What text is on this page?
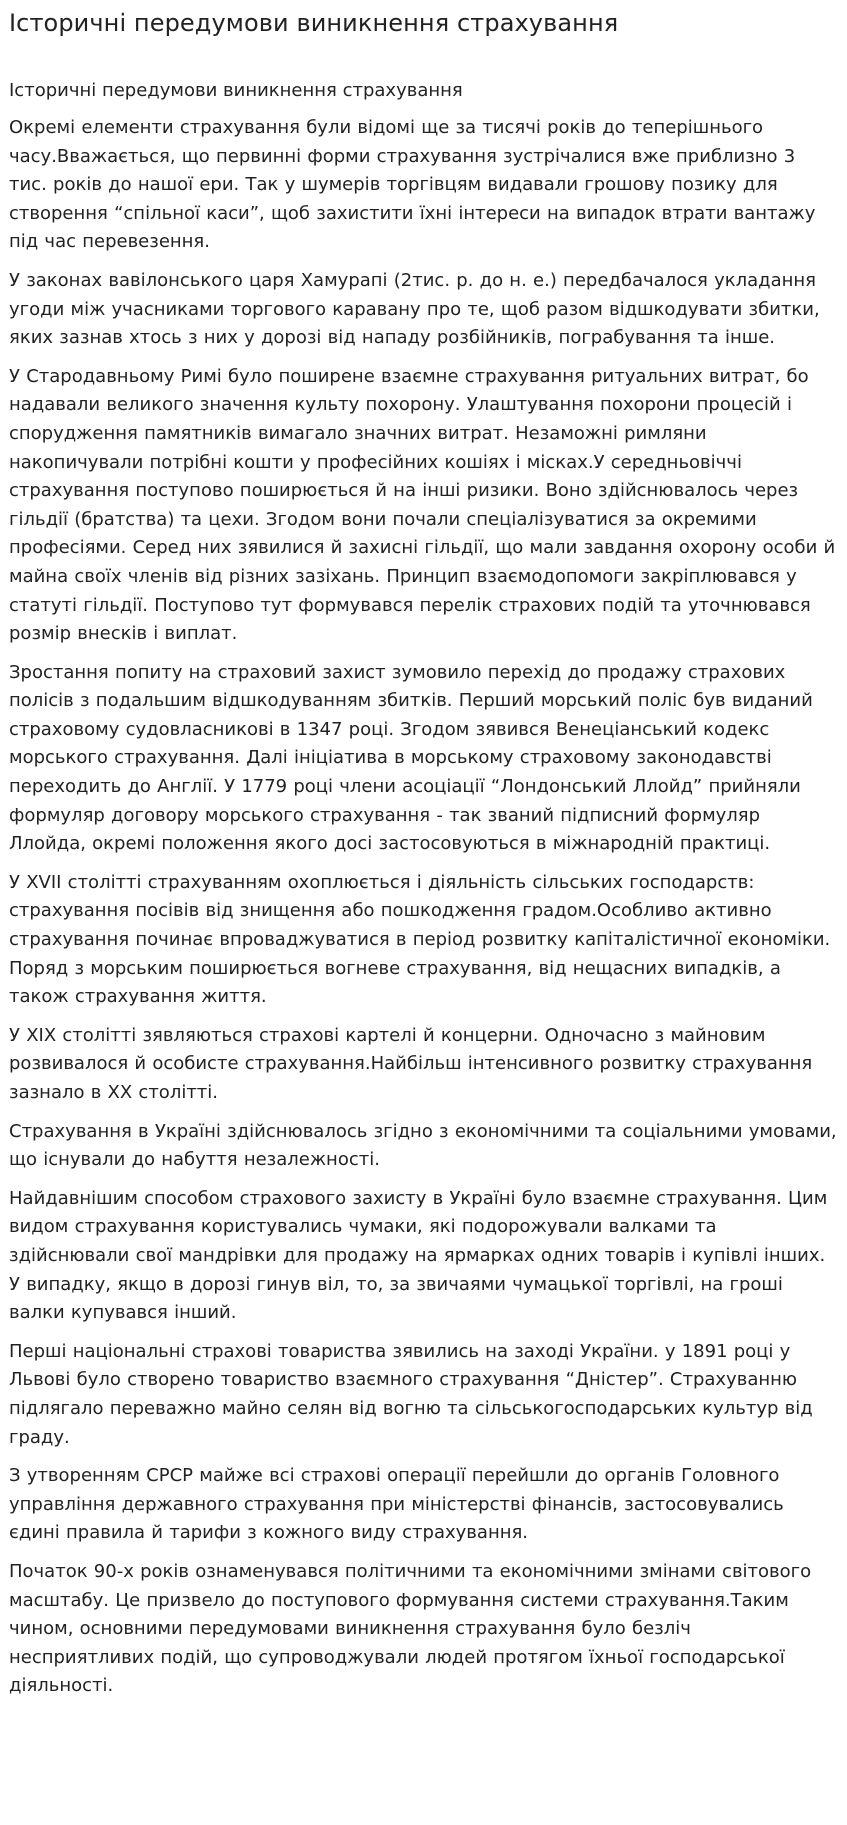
Історичні передумови виникнення страхування
Історичні передумови виникнення страхування

Окремі елементи страхування були відомі ще за тисячі років до теперішнього часу.Вважається, що первинні форми страхування зустрічалися вже приблизно 3 тис. років до нашої ери. Так у шумерів торгівцям видавали грошову позику для створення “спільної каси”, щоб захистити їхні інтереси на випадок втрати вантажу під час перевезення.

У законах вавілонського царя Хамурапі (2тис. р. до н. е.) передбачалося укладання угоди між учасниками торгового каравану про те, щоб разом відшкодувати збитки, яких зазнав хтось з них у дорозі від нападу розбійників, пограбування та інше.

У Стародавньому Римі було поширене взаємне страхування ритуальних витрат, бо надавали великого значення культу похорону. Улаштування похорони процесій і спорудження памятників вимагало значних витрат. Незаможні римляни накопичували потрібні кошти у професійних кошіях і місках.У середньовіччі страхування поступово поширюється й на інші ризики. Воно здійснювалось через гільдії (братства) та цехи. Згодом вони почали спеціалізуватися за окремими професіями. Серед них зявилися й захисні гільдії, що мали завдання охорону особи й майна своїх членів від різних зазіхань. Принцип взаємодопомоги закріплювався у статуті гільдії. Поступово тут формувався перелік страхових подій та уточнювався розмір внесків і виплат.

Зростання попиту на страховий захист зумовило перехід до продажу страхових полісів з подальшим відшкодуванням збитків. Перший морський поліс був виданий страховому судовласникові в 1347 році. Згодом зявився Венеціанський кодекс морського страхування. Далі ініціатива в морському страховому законодавстві переходить до Англії. У 1779 році члени асоціації “Лондонський Ллойд” прийняли формуляр договору морського страхування - так званий підписний формуляр Ллойда, окремі положення якого досі застосовуються в міжнародній практиці.

У XVII столітті страхуванням охоплюється і діяльність сільських господарств: страхування посівів від знищення або пошкодження градом.Особливо активно страхування починає впроваджуватися в період розвитку капіталістичної економіки. Поряд з морським поширюється вогневе страхування, від нещасних випадків, а також страхування життя.

У XIX столітті зявляються страхові картелі й концерни. Одночасно з майновим розвивалося й особисте страхування.Найбільш інтенсивного розвитку страхування зазнало в XX столітті.

Страхування в Україні здійснювалось згідно з економічними та соціальними умовами, що існували до набуття незалежності.

Найдавнішим способом страхового захисту в Україні було взаємне страхування. Цим видом страхування користувались чумаки, які подорожували валками та здійснювали свої мандрівки для продажу на ярмарках одних товарів і купівлі інших. У випадку, якщо в дорозі гинув віл, то, за звичаями чумацької торгівлі, на гроші валки купувався інший.

Перші національні страхові товариства зявились на заході України. у 1891 році у Львові було створено товариство взаємного страхування “Дністер”. Страхуванню підлягало переважно майно селян від вогню та сільськогосподарських культур від граду.

З утворенням СРСР майже всі страхові операції перейшли до органів Головного управління державного страхування при міністерстві фінансів, застосовувались єдині правила й тарифи з кожного виду страхування.

Початок 90-х років ознаменувався політичними та економічними змінами світового масштабу. Це призвело до поступового формування системи страхування.Таким чином, основними передумовами виникнення страхування було безліч несприятливих подій, що супроводжували людей протягом їхньої господарської діяльності.
